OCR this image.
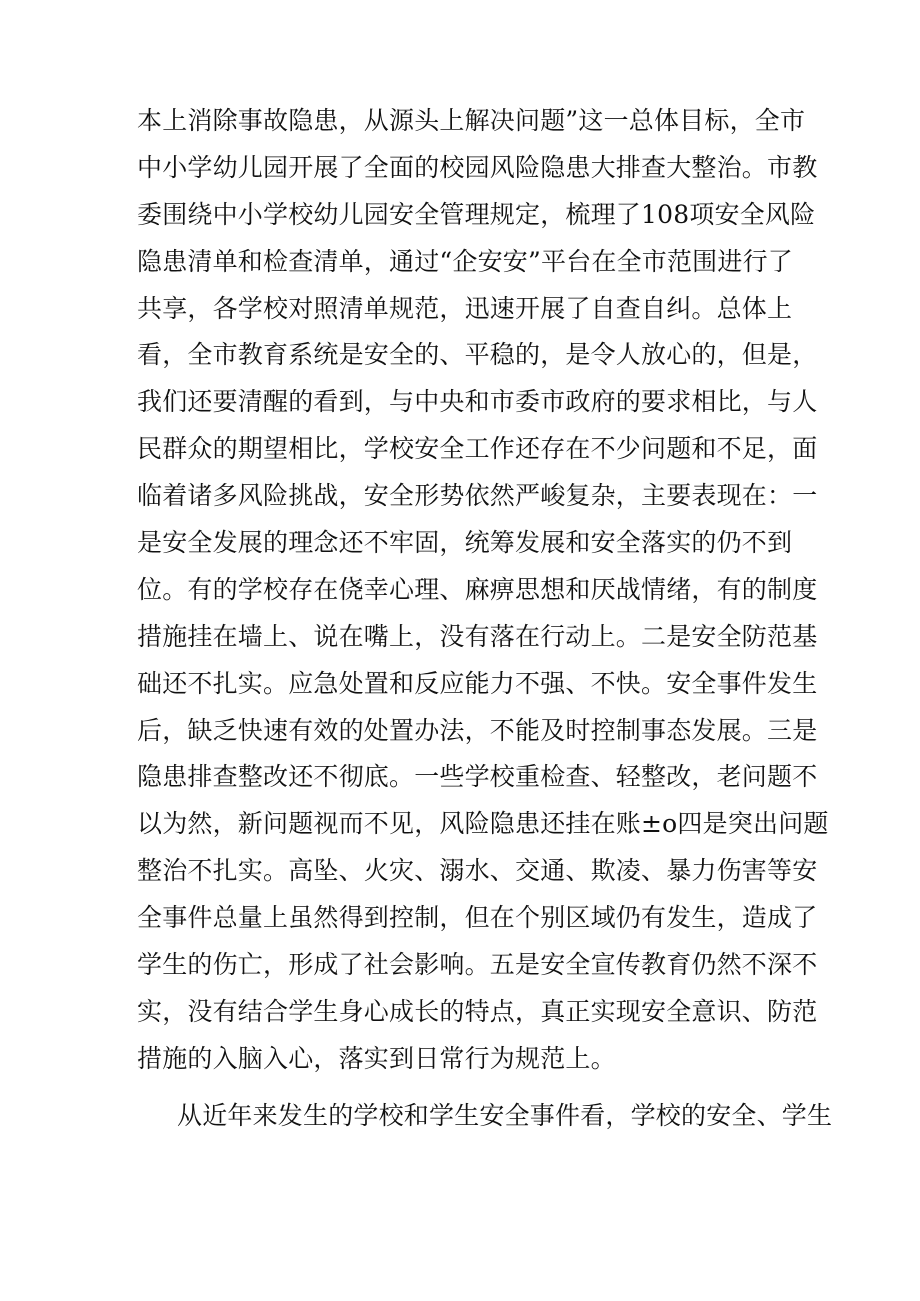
本上消除事故隐患，从源头上解决问题”这一总体目标，全市
中小学幼儿园开展了全面的校园风险隐患大排查大整治。市教
委围绕中小学校幼儿园安全管理规定，梳理了108项安全风险
隐患清单和检查清单，通过“企安安”平台在全市范围进行了
共享，各学校对照清单规范，迅速开展了自查自纠。总体上
看，全市教育系统是安全的、平稳的，是令人放心的，但是，
我们还要清醒的看到，与中央和市委市政府的要求相比，与人
民群众的期望相比，学校安全工作还存在不少问题和不足，面
临着诸多风险挑战，安全形势依然严峻复杂，主要表现在：一
是安全发展的理念还不牢固，统筹发展和安全落实的仍不到
位。有的学校存在侥幸心理、麻痹思想和厌战情绪，有的制度
措施挂在墙上、说在嘴上，没有落在行动上。二是安全防范基
础还不扎实。应急处置和反应能力不强、不快。安全事件发生
后，缺乏快速有效的处置办法，不能及时控制事态发展。三是
隐患排查整改还不彻底。一些学校重检查、轻整改，老问题不
以为然，新问题视而不见，风险隐患还挂在账±o四是突出问题
整治不扎实。高坠、火灾、溺水、交通、欺凌、暴力伤害等安
全事件总量上虽然得到控制，但在个别区域仍有发生，造成了
学生的伤亡，形成了社会影响。五是安全宣传教育仍然不深不
实，没有结合学生身心成长的特点，真正实现安全意识、防范
措施的入脑入心，落实到日常行为规范上。
从近年来发生的学校和学生安全事件看，学校的安全、学生
